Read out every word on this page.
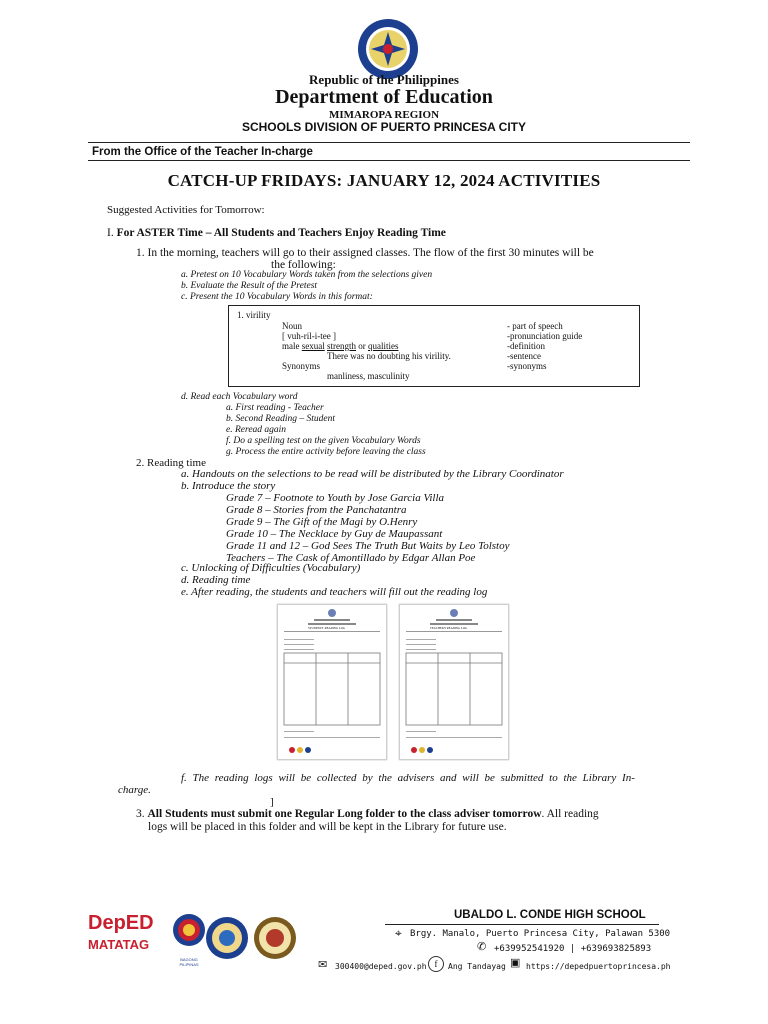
Republic of the Philippines
Department of Education
MIMAROPA REGION
SCHOOLS DIVISION OF PUERTO PRINCESA CITY
From the Office of the Teacher In-charge
CATCH-UP FRIDAYS: JANUARY 12, 2024 ACTIVITIES
Suggested Activities for Tomorrow:
I. For ASTER Time – All Students and Teachers Enjoy Reading Time
1. In the morning, teachers will go to their assigned classes. The flow of the first 30 minutes will be
the following:
a. Pretest on 10 Vocabulary Words taken from the selections given
b. Evaluate the Result of the Pretest
c. Present the 10 Vocabulary Words in this format:
1. virility
Noun
[ vuh-ril-i-tee ]
male sexual strength or qualities
There was no doubting his virility.
Synonyms
manliness, masculinity
- part of speech
-pronunciation guide
-definition
-sentence
-synonyms
d. Read each Vocabulary word
a. First reading - Teacher
b. Second Reading – Student
e. Reread again
f. Do a spelling test on the given Vocabulary Words
g. Process the entire activity before leaving the class
2. Reading time
a. Handouts on the selections to be read will be distributed by the Library Coordinator
b. Introduce the story
Grade 7 – Footnote to Youth by Jose Garcia Villa
Grade 8 – Stories from the Panchatantra
Grade 9 – The Gift of the Magi by O.Henry
Grade 10 – The Necklace by Guy de Maupassant
Grade 11 and 12 – God Sees The Truth But Waits by Leo Tolstoy
Teachers – The Cask of Amontillado by Edgar Allan Poe
c. Unlocking of Difficulties (Vocabulary)
d. Reading time
e. After reading, the students and teachers will fill out the reading log
STUDENTS' READING LOG	TEACHER'S READING LOG
f. The reading logs will be collected by the advisers and will be submitted to the Library In-
charge.
]
3. All Students must submit one Regular Long folder to the class adviser tomorrow. All reading
logs will be placed in this folder and will be kept in the Library for future use.
DepED
MATATAG
BAGONG PILIPINAS
UBALDO L. CONDE HIGH SCHOOL
⌖ Brgy. Manalo, Puerto Princesa City, Palawan 5300
✆ +639952541920 | +639693825893
✉ 300400@deped.gov.ph f	Ang Tandayag ▣ https://depedpuertoprincesa.ph
